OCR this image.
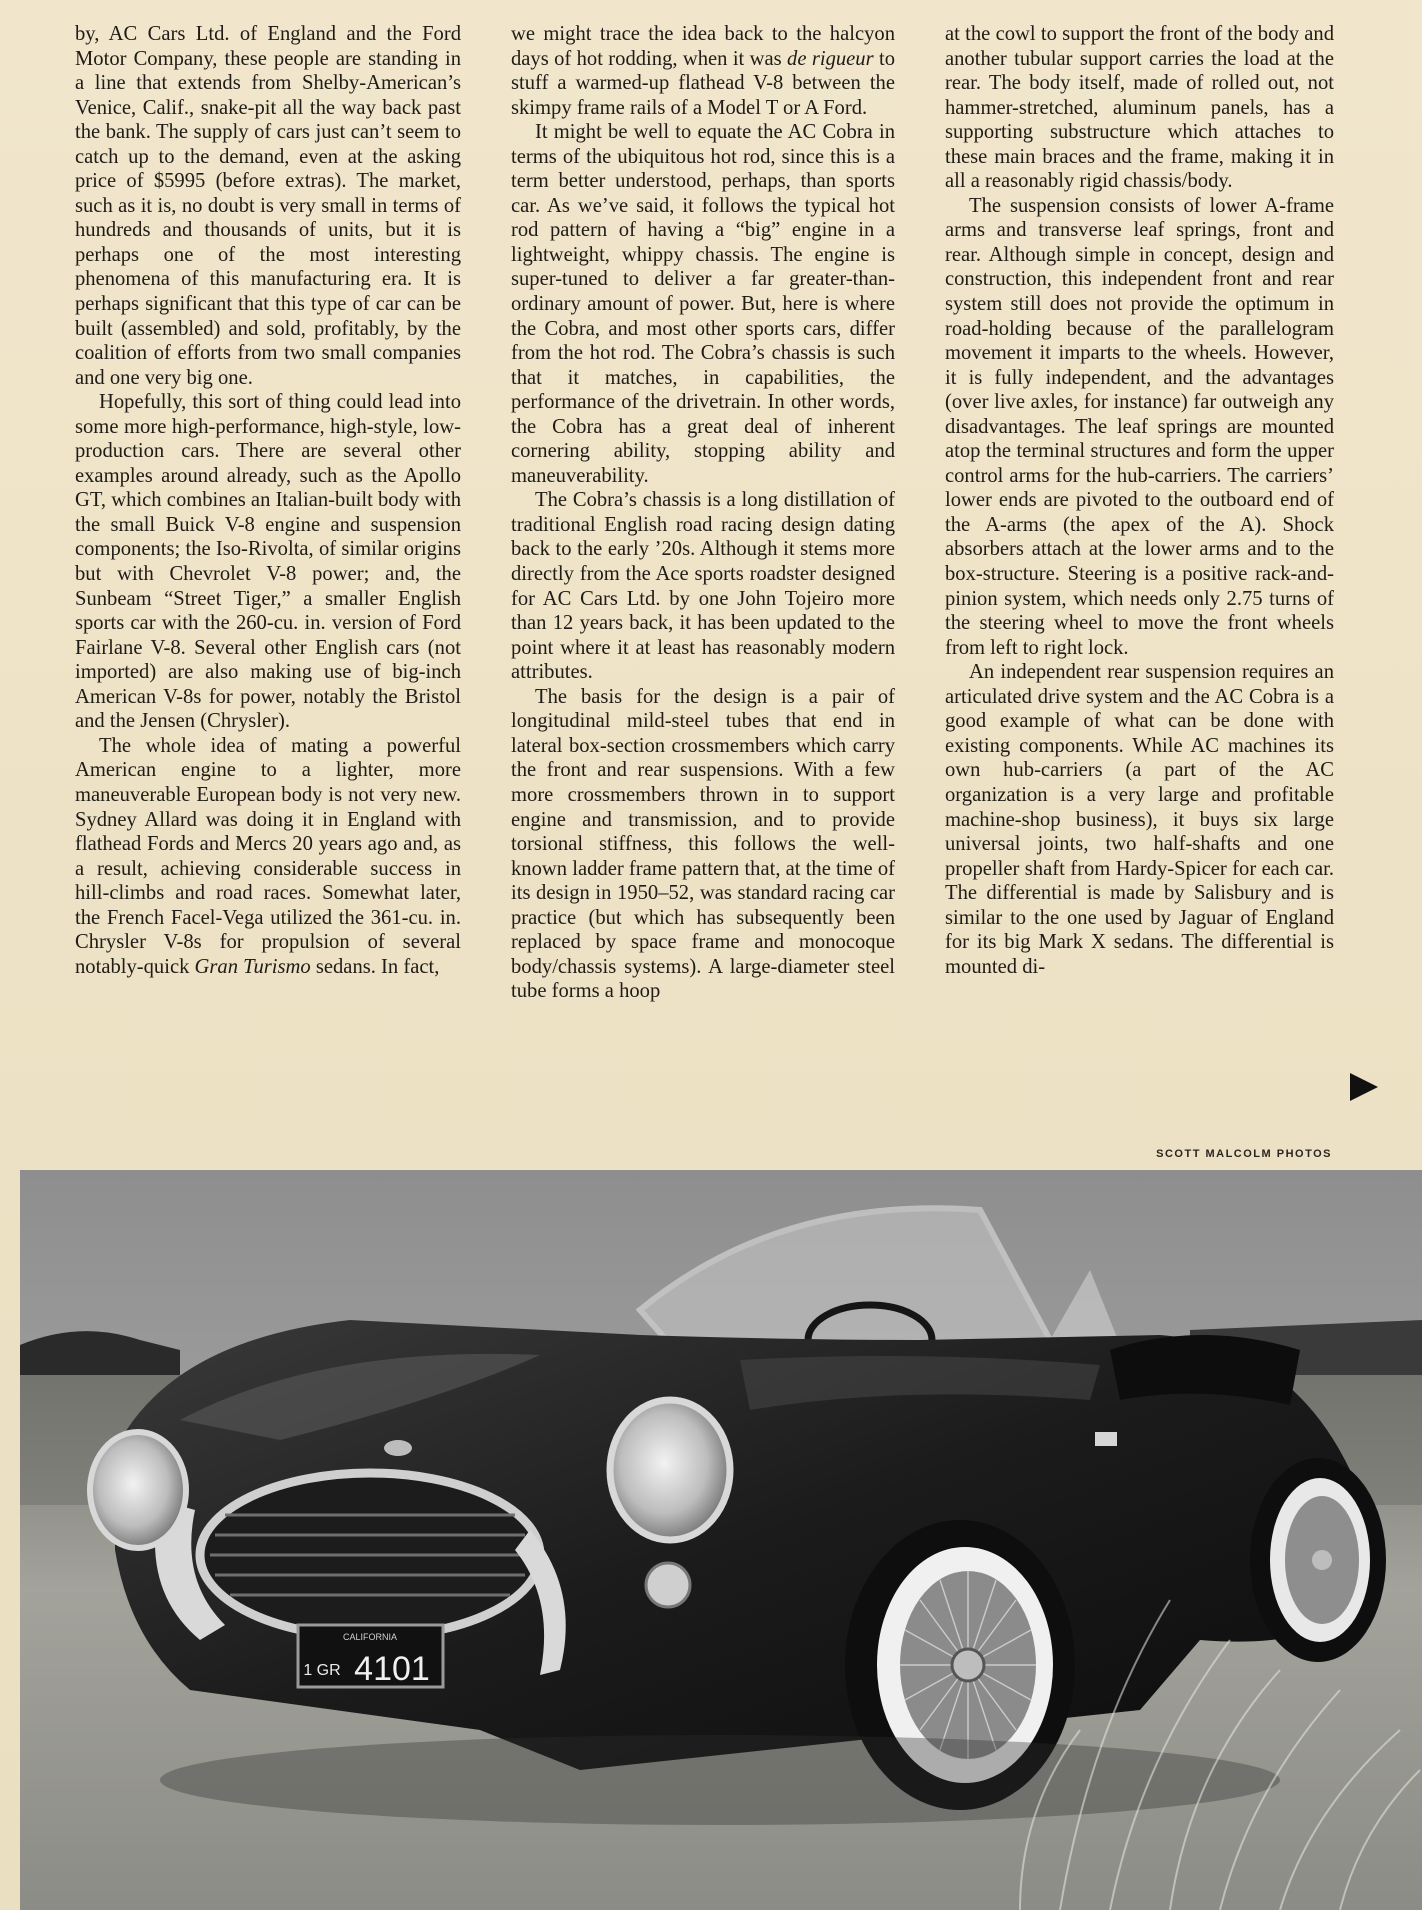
by, AC Cars Ltd. of England and the Ford Motor Company, these people are standing in a line that extends from Shelby-American’s Venice, Calif., snake-pit all the way back past the bank. The supply of cars just can’t seem to catch up to the demand, even at the asking price of $5995 (before extras). The market, such as it is, no doubt is very small in terms of hundreds and thousands of units, but it is perhaps one of the most interesting phenomena of this manufacturing era. It is perhaps significant that this type of car can be built (assembled) and sold, profitably, by the coalition of efforts from two small companies and one very big one.

Hopefully, this sort of thing could lead into some more high-performance, high-style, low-production cars. There are several other examples around already, such as the Apollo GT, which combines an Italian-built body with the small Buick V-8 engine and suspension components; the Iso-Rivolta, of similar origins but with Chevrolet V-8 power; and, the Sunbeam “Street Tiger,” a smaller English sports car with the 260-cu. in. version of Ford Fairlane V-8. Several other English cars (not imported) are also making use of big-inch American V-8s for power, notably the Bristol and the Jensen (Chrysler).

The whole idea of mating a powerful American engine to a lighter, more maneuverable European body is not very new. Sydney Allard was doing it in England with flathead Fords and Mercs 20 years ago and, as a result, achieving considerable success in hill-climbs and road races. Somewhat later, the French Facel-Vega utilized the 361-cu. in. Chrysler V-8s for propulsion of several notably-quick Gran Turismo sedans. In fact,

we might trace the idea back to the halcyon days of hot rodding, when it was de rigueur to stuff a warmed-up flathead V-8 between the skimpy frame rails of a Model T or A Ford.

It might be well to equate the AC Cobra in terms of the ubiquitous hot rod, since this is a term better understood, perhaps, than sports car. As we’ve said, it follows the typical hot rod pattern of having a “big” engine in a lightweight, whippy chassis. The engine is super-tuned to deliver a far greater-than-ordinary amount of power. But, here is where the Cobra, and most other sports cars, differ from the hot rod. The Cobra’s chassis is such that it matches, in capabilities, the performance of the drivetrain. In other words, the Cobra has a great deal of inherent cornering ability, stopping ability and maneuverability.

The Cobra’s chassis is a long distillation of traditional English road racing design dating back to the early ’20s. Although it stems more directly from the Ace sports roadster designed for AC Cars Ltd. by one John Tojeiro more than 12 years back, it has been updated to the point where it at least has reasonably modern attributes.

The basis for the design is a pair of longitudinal mild-steel tubes that end in lateral box-section crossmembers which carry the front and rear suspensions. With a few more crossmembers thrown in to support engine and transmission, and to provide torsional stiffness, this follows the well-known ladder frame pattern that, at the time of its design in 1950–52, was standard racing car practice (but which has subsequently been replaced by space frame and monocoque body/chassis systems). A large-diameter steel tube forms a hoop

at the cowl to support the front of the body and another tubular support carries the load at the rear. The body itself, made of rolled out, not hammer-stretched, aluminum panels, has a supporting substructure which attaches to these main braces and the frame, making it in all a reasonably rigid chassis/body.

The suspension consists of lower A-frame arms and transverse leaf springs, front and rear. Although simple in concept, design and construction, this independent front and rear system still does not provide the optimum in road-holding because of the parallelogram movement it imparts to the wheels. However, it is fully independent, and the advantages (over live axles, for instance) far outweigh any disadvantages. The leaf springs are mounted atop the terminal structures and form the upper control arms for the hub-carriers. The carriers’ lower ends are pivoted to the outboard end of the A-arms (the apex of the A). Shock absorbers attach at the lower arms and to the box-structure. Steering is a positive rack-and-pinion system, which needs only 2.75 turns of the steering wheel to move the front wheels from left to right lock.

An independent rear suspension requires an articulated drive system and the AC Cobra is a good example of what can be done with existing components. While AC machines its own hub-carriers (a part of the AC organization is a very large and profitable machine-shop business), it buys six large universal joints, two half-shafts and one propeller shaft from Hardy-Spicer for each car. The differential is made by Salisbury and is similar to the one used by Jaguar of England for its big Mark X sedans. The differential is mounted di-

SCOTT MALCOLM PHOTOS
CALIFORNIA
1 GR 4101
